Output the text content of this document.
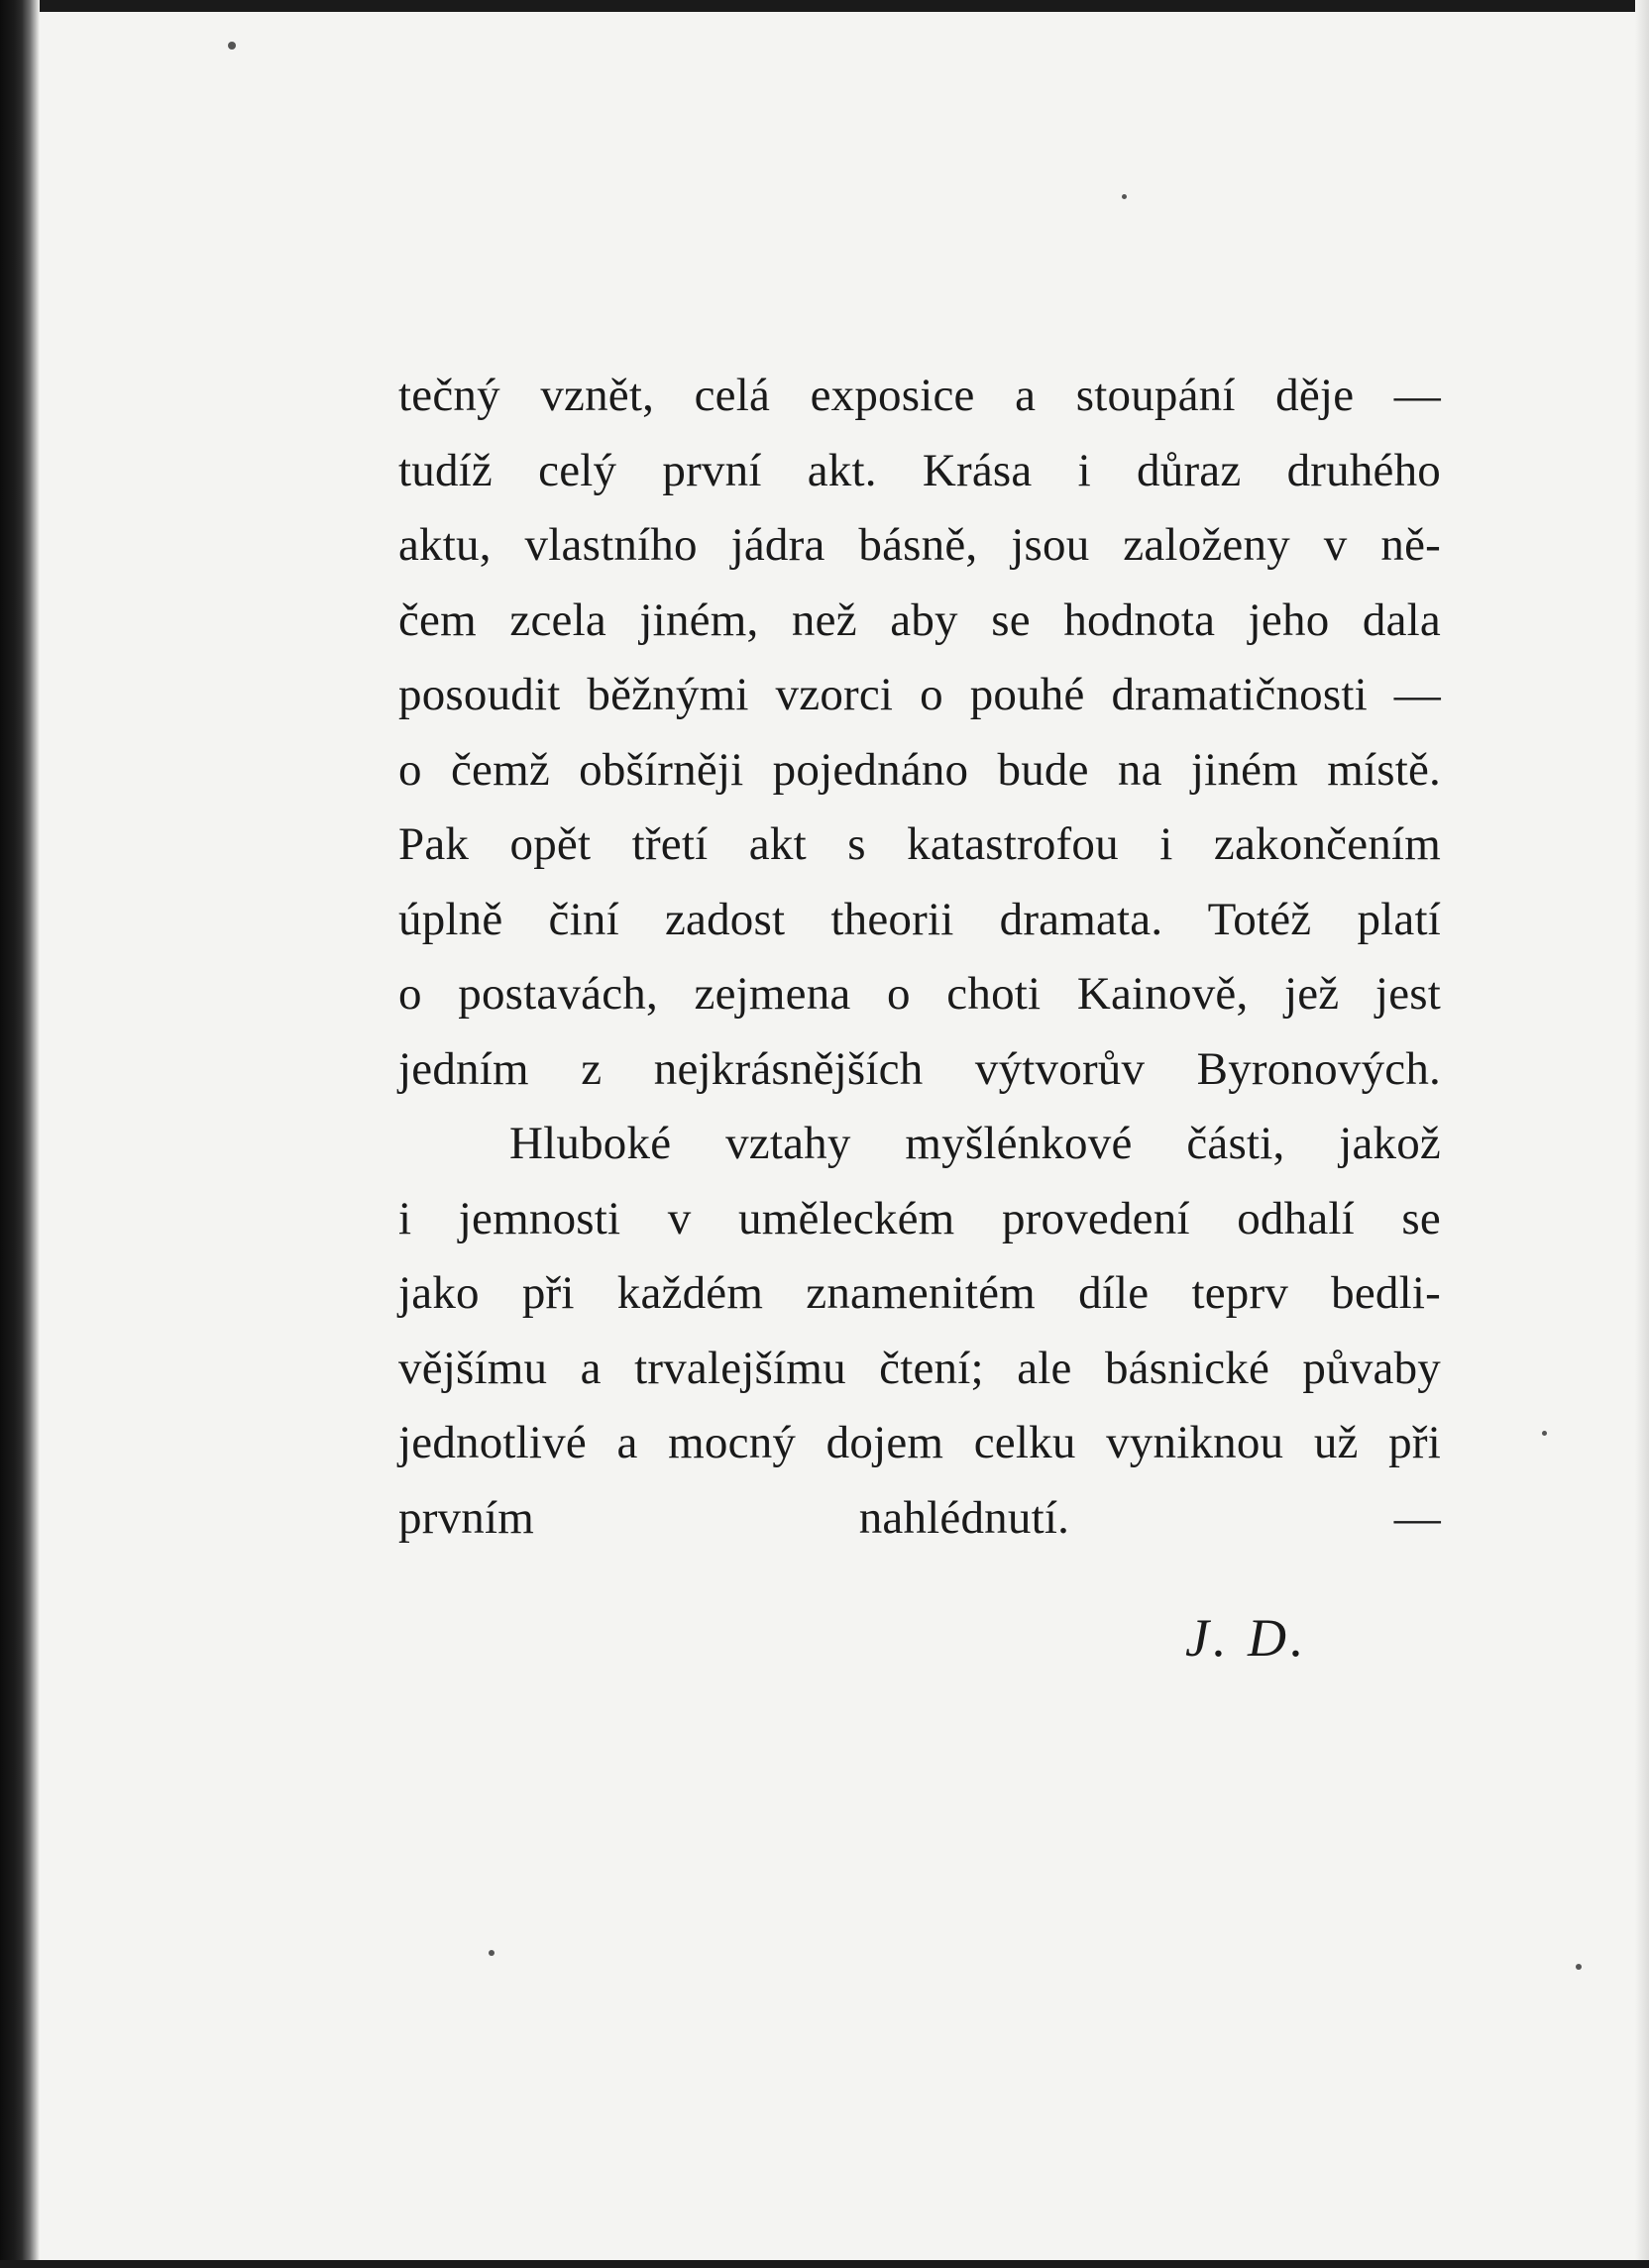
tečný vznět, celá exposice a stoupání děje —
tudíž celý první akt. Krása i důraz druhého
aktu, vlastního jádra básně, jsou založeny v ně-
čem zcela jiném, než aby se hodnota jeho dala
posoudit běžnými vzorci o pouhé dramatičnosti —
o čemž obšírněji pojednáno bude na jiném místě.
Pak opět třetí akt s katastrofou i zakončením
úplně činí zadost theorii dramata. Totéž platí
o postavách, zejmena o choti Kainově, jež jest
jedním z nejkrásnějších výtvorův Byronových.
Hluboké vztahy myšlénkové části, jakož
i jemnosti v uměleckém provedení odhalí se
jako při každém znamenitém díle teprv bedli-
vějšímu a trvalejšímu čtení; ale básnické půvaby
jednotlivé a mocný dojem celku vyniknou už při
prvním nahlédnutí. —
J. D.
